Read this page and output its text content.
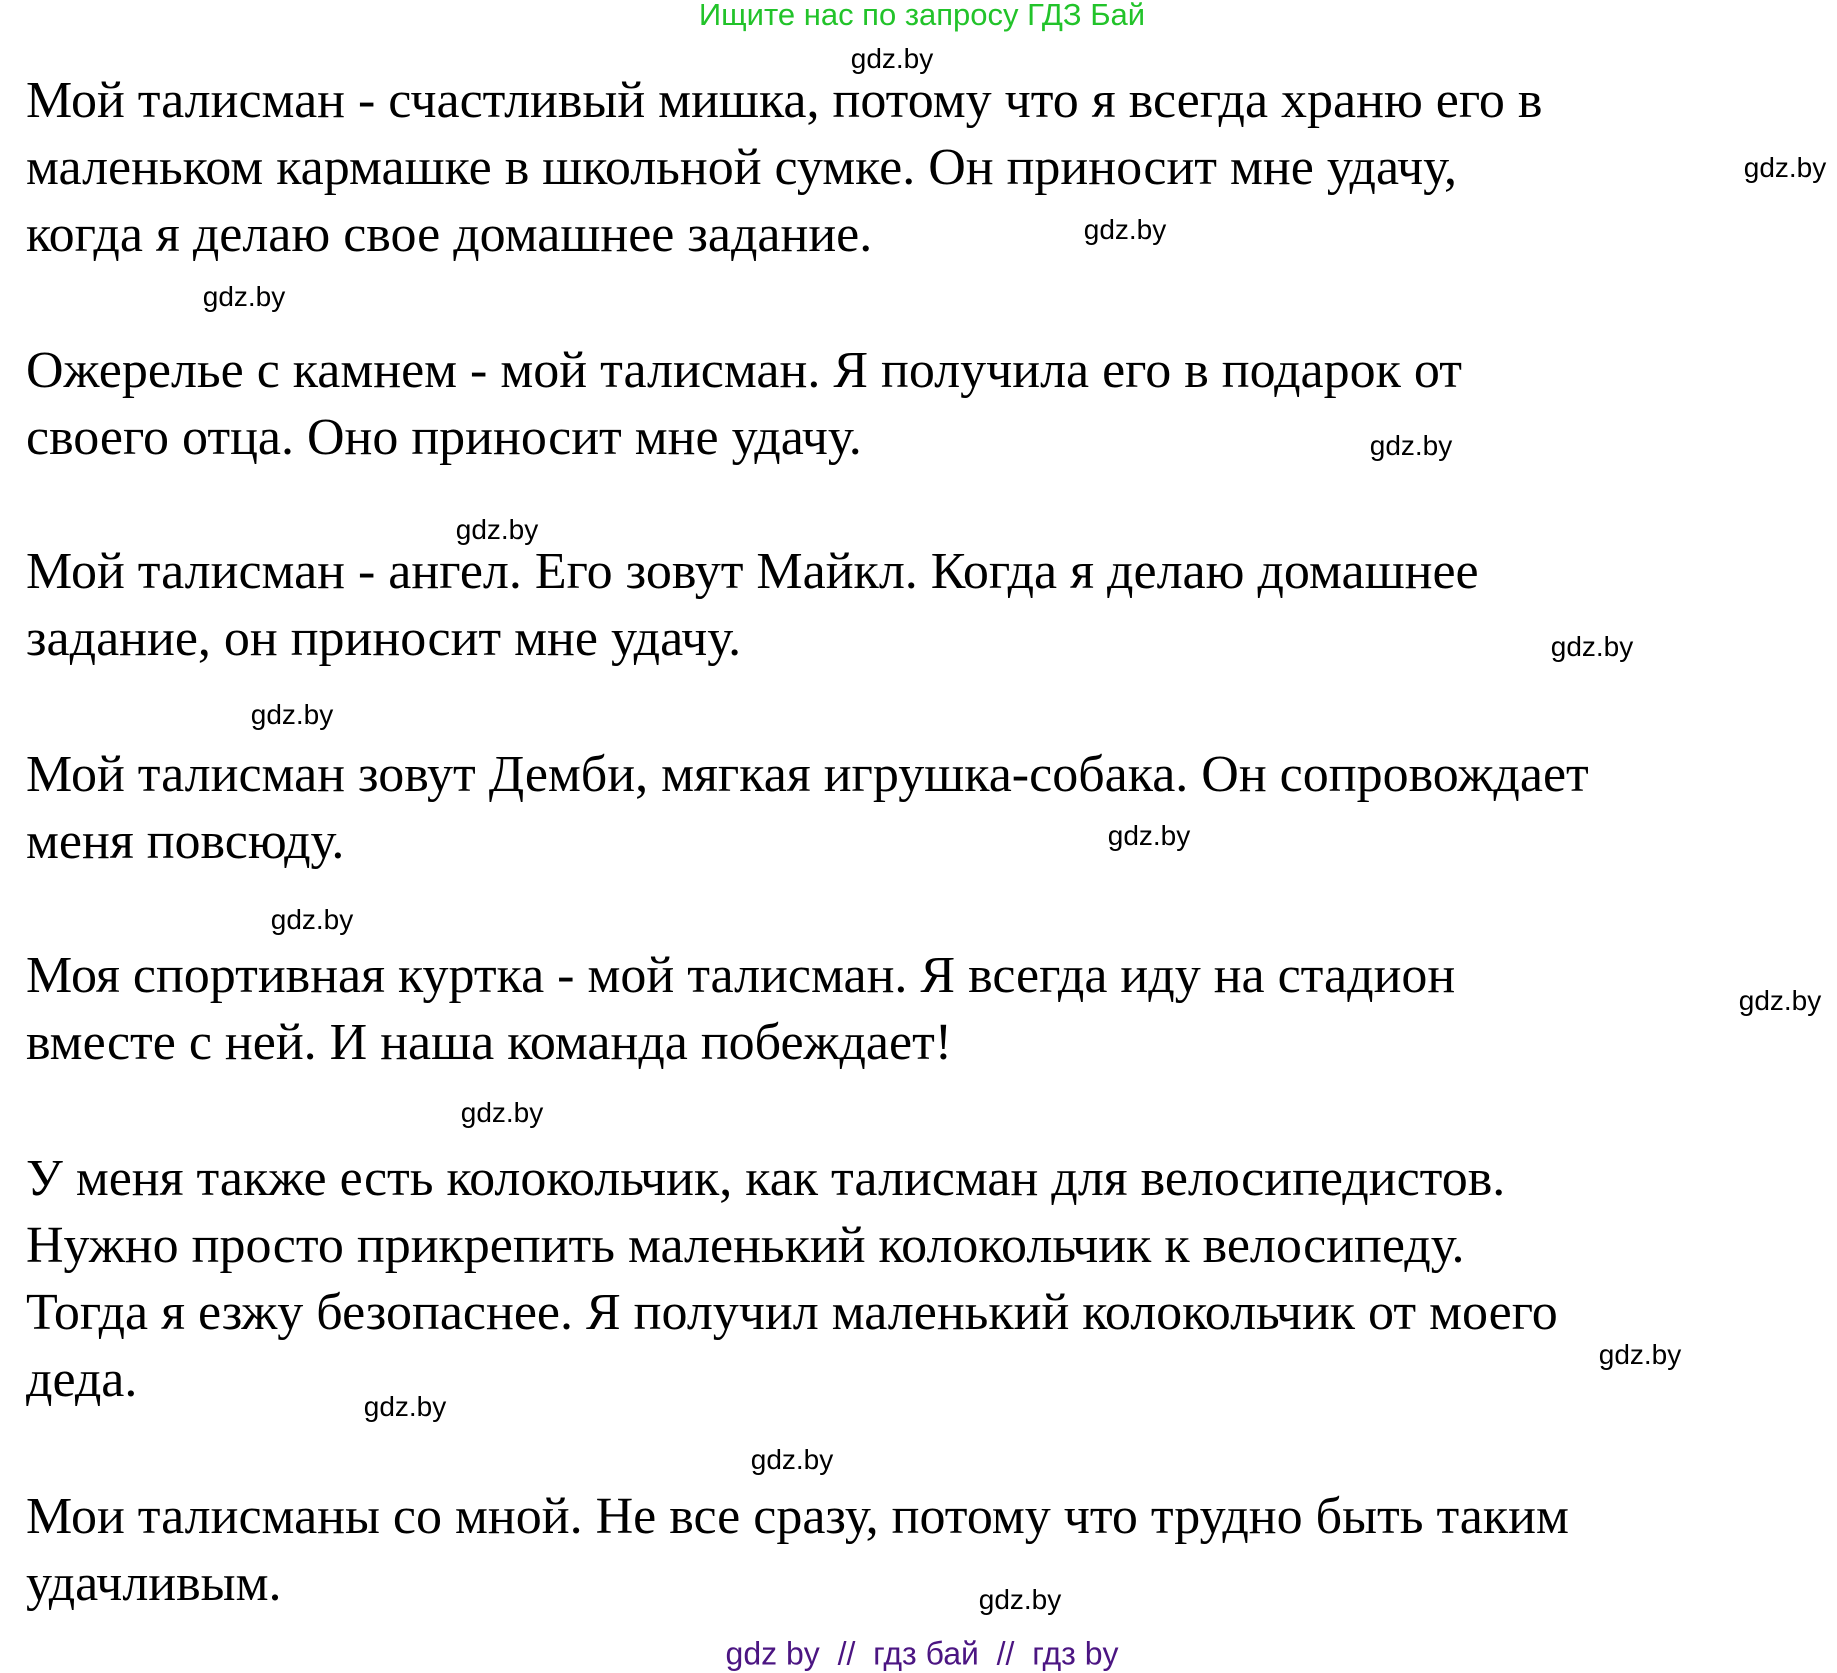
Ищите нас по запросу ГДЗ Бай
Мой талисман - счастливый мишка, потому что я всегда храню его в
маленьком кармашке в школьной сумке. Он приносит мне удачу,
когда я делаю свое домашнее задание.
Ожерелье с камнем - мой талисман. Я получила его в подарок от
своего отца. Оно приносит мне удачу.
Мой талисман - ангел. Его зовут Майкл. Когда я делаю домашнее
задание, он приносит мне удачу.
Мой талисман зовут Демби, мягкая игрушка-собака. Он сопровождает
меня повсюду.
Моя спортивная куртка - мой талисман. Я всегда иду на стадион
вместе с ней. И наша команда побеждает!
У меня также есть колокольчик, как талисман для велосипедистов.
Нужно просто прикрепить маленький колокольчик к велосипеду.
Тогда я езжу безопаснее. Я получил маленький колокольчик от моего
деда.
Мои талисманы со мной. Не все сразу, потому что трудно быть таким
удачливым.
gdz.by
gdz.by
gdz.by
gdz.by
gdz.by
gdz.by
gdz.by
gdz.by
gdz.by
gdz.by
gdz.by
gdz.by
gdz.by
gdz.by
gdz.by
gdz.by
gdz by  //  гдз бай  //  гдз by
